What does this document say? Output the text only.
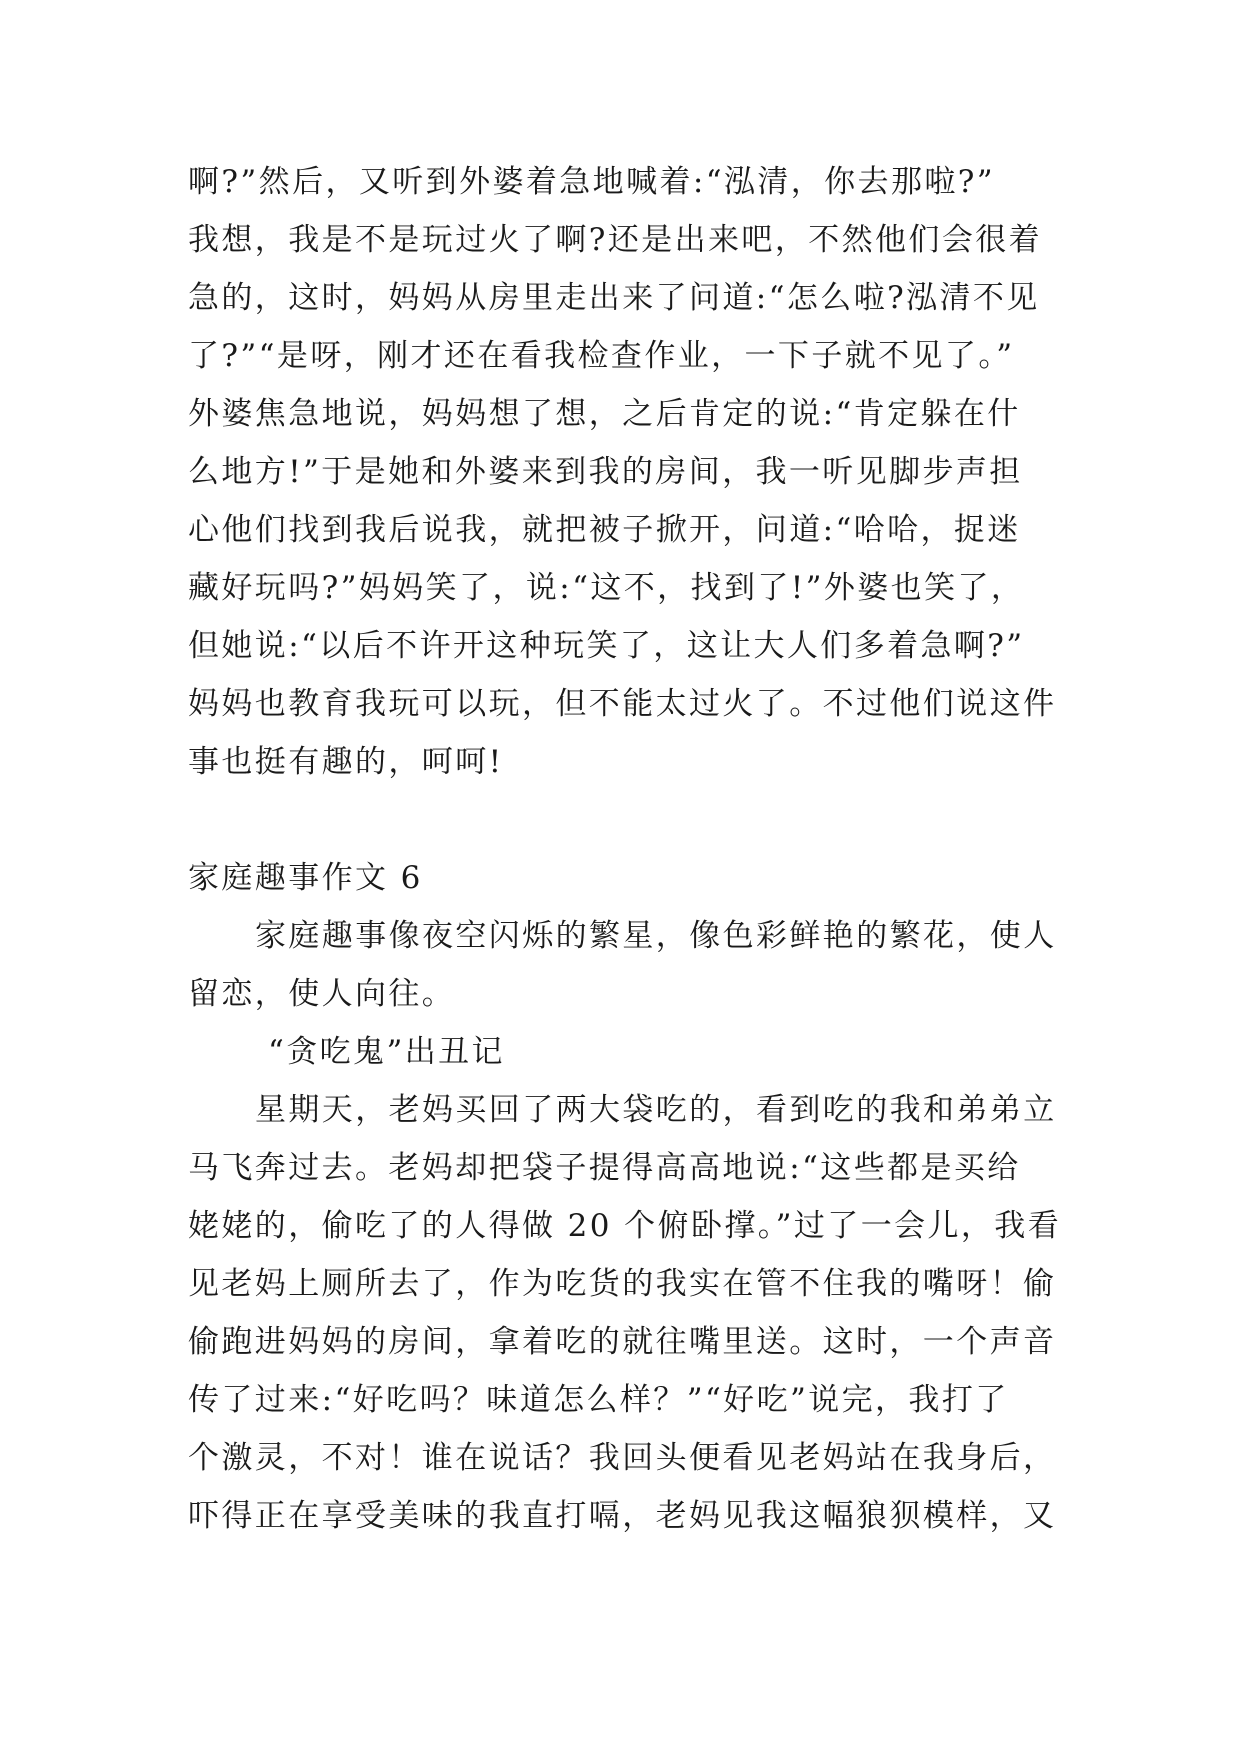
啊?”然后，又听到外婆着急地喊着:“泓清，你去那啦?”
我想，我是不是玩过火了啊?还是出来吧，不然他们会很着
急的，这时，妈妈从房里走出来了问道:“怎么啦?泓清不见
了?”“是呀，刚才还在看我检查作业，一下子就不见了。”
外婆焦急地说，妈妈想了想，之后肯定的说:“肯定躲在什
么地方!”于是她和外婆来到我的房间，我一听见脚步声担
心他们找到我后说我，就把被子掀开，问道:“哈哈，捉迷
藏好玩吗?”妈妈笑了，说:“这不，找到了!”外婆也笑了，
但她说:“以后不许开这种玩笑了，这让大人们多着急啊?”
妈妈也教育我玩可以玩，但不能太过火了。不过他们说这件
事也挺有趣的，呵呵!
家庭趣事作文 6
家庭趣事像夜空闪烁的繁星，像色彩鲜艳的繁花，使人
留恋，使人向往。
“贪吃鬼”出丑记
星期天，老妈买回了两大袋吃的，看到吃的我和弟弟立
马飞奔过去。老妈却把袋子提得高高地说:“这些都是买给
姥姥的，偷吃了的人得做 20 个俯卧撑。”过了一会儿，我看
见老妈上厕所去了，作为吃货的我实在管不住我的嘴呀！偷
偷跑进妈妈的房间，拿着吃的就往嘴里送。这时，一个声音
传了过来:“好吃吗？味道怎么样？”“好吃”说完，我打了
个激灵，不对！谁在说话？我回头便看见老妈站在我身后，
吓得正在享受美味的我直打嗝，老妈见我这幅狼狈模样，又
